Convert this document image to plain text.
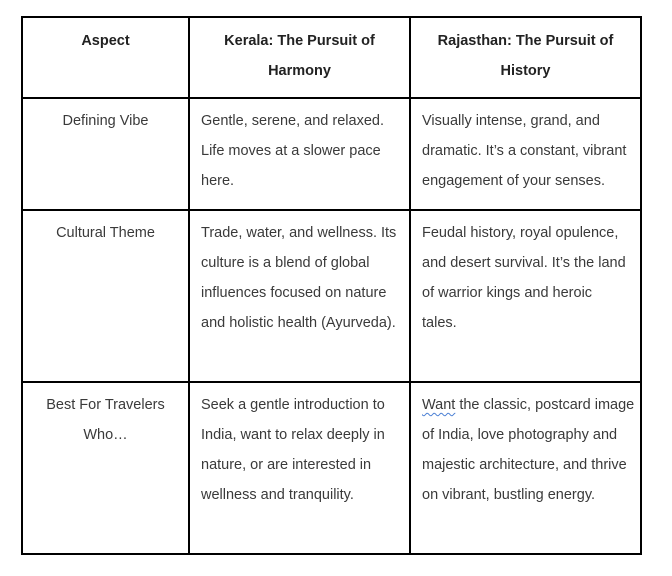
Aspect	Kerala: The Pursuit of Harmony	Rajasthan: The Pursuit of History

Defining Vibe	Gentle, serene, and relaxed. Life moves at a slower pace here.	Visually intense, grand, and dramatic. It’s a constant, vibrant engagement of your senses.

Cultural Theme	Trade, water, and wellness. Its culture is a blend of global influences focused on nature and holistic health (Ayurveda).	Feudal history, royal opulence, and desert survival. It’s the land of warrior kings and heroic tales.

Best For Travelers Who…	Seek a gentle introduction to India, want to relax deeply in nature, or are interested in wellness and tranquility.	Want the classic, postcard image of India, love photography and majestic architecture, and thrive on vibrant, bustling energy.
